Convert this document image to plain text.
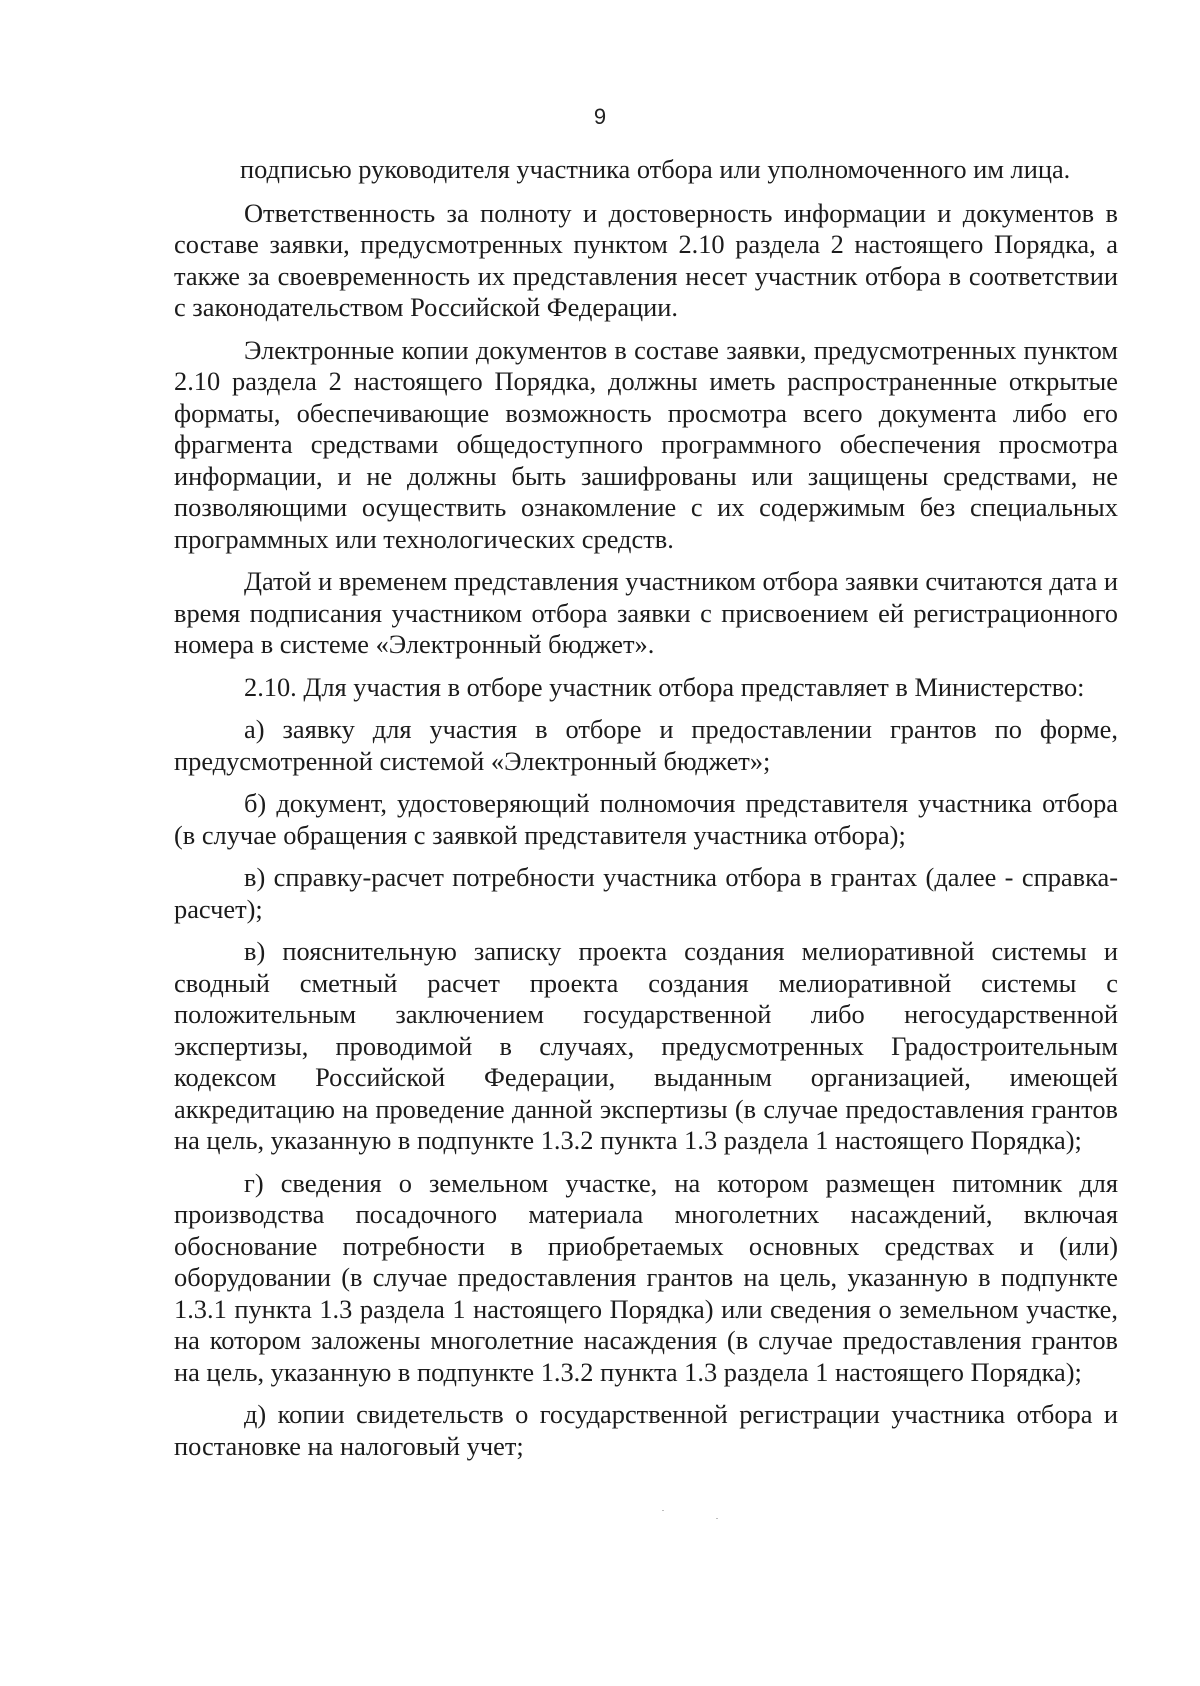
9

подписью руководителя участника отбора или уполномоченного им лица.

Ответственность за полноту и достоверность информации и документов в составе заявки, предусмотренных пунктом 2.10 раздела 2 настоящего Порядка, а также за своевременность их представления несет участник отбора в соответствии с законодательством Российской Федерации.

Электронные копии документов в составе заявки, предусмотренных пунктом 2.10 раздела 2 настоящего Порядка, должны иметь распространенные открытые форматы, обеспечивающие возможность просмотра всего документа либо его фрагмента средствами общедоступного программного обеспечения просмотра информации, и не должны быть зашифрованы или защищены средствами, не позволяющими осуществить ознакомление с их содержимым без специальных программных или технологических средств.

Датой и временем представления участником отбора заявки считаются дата и время подписания участником отбора заявки с присвоением ей регистрационного номера в системе «Электронный бюджет».

2.10. Для участия в отборе участник отбора представляет в Министерство:

а) заявку для участия в отборе и предоставлении грантов по форме, предусмотренной системой «Электронный бюджет»;

б) документ, удостоверяющий полномочия представителя участника отбора (в случае обращения с заявкой представителя участника отбора);

в) справку-расчет потребности участника отбора в грантах (далее - справка-расчет);

в) пояснительную записку проекта создания мелиоративной системы и сводный сметный расчет проекта создания мелиоративной системы с положительным заключением государственной либо негосударственной экспертизы, проводимой в случаях, предусмотренных Градостроительным кодексом Российской Федерации, выданным организацией, имеющей аккредитацию на проведение данной экспертизы (в случае предоставления грантов на цель, указанную в подпункте 1.3.2 пункта 1.3 раздела 1 настоящего Порядка);

г) сведения о земельном участке, на котором размещен питомник для производства посадочного материала многолетних насаждений, включая обоснование потребности в приобретаемых основных средствах и (или) оборудовании (в случае предоставления грантов на цель, указанную в подпункте 1.3.1 пункта 1.3 раздела 1 настоящего Порядка) или сведения о земельном участке, на котором заложены многолетние насаждения (в случае предоставления грантов на цель, указанную в подпункте 1.3.2 пункта 1.3 раздела 1 настоящего Порядка);

д) копии свидетельств о государственной регистрации участника отбора и постановке на налоговый учет;
